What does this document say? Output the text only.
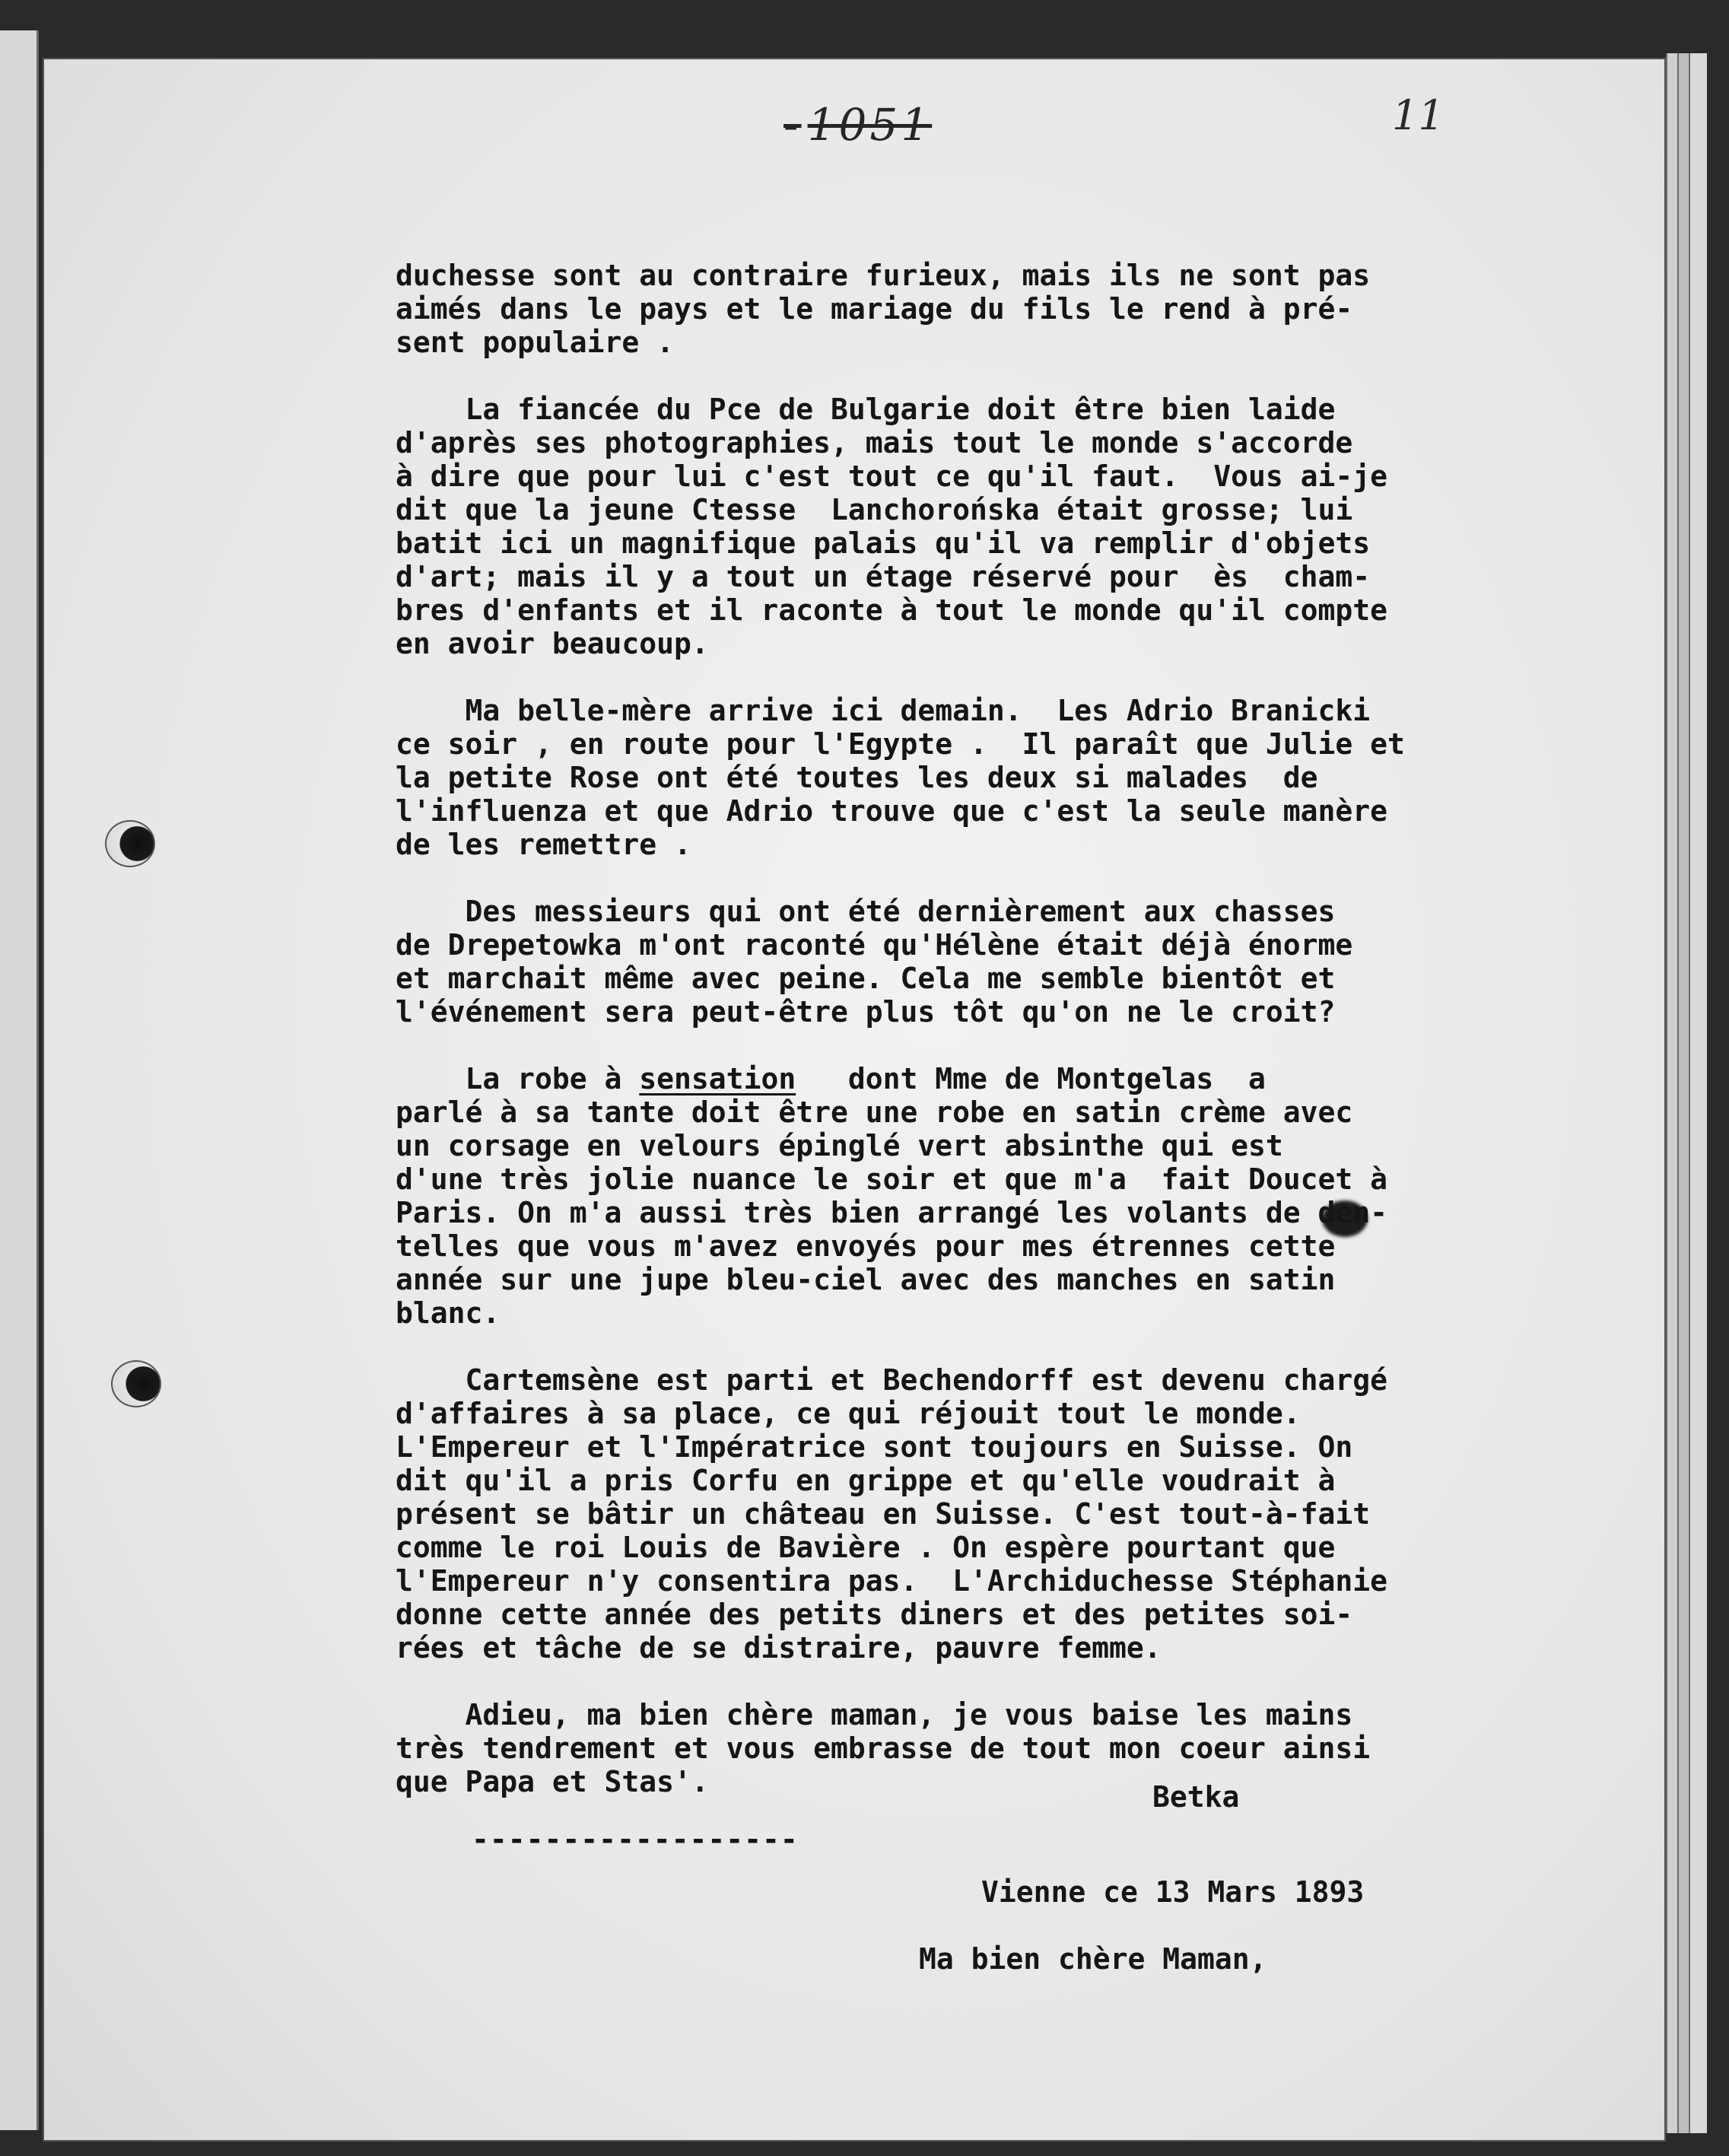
- 1051	11
duchesse sont au contraire furieux, mais ils ne sont pas
aimés dans le pays et le mariage du fils le rend à pré-
sent populaire .
La fiancée du Pce de Bulgarie doit être bien laide
d'après ses photographies, mais tout le monde s'accorde
à dire que pour lui c'est tout ce qu'il faut.  Vous ai-je
dit que la jeune Ctesse  Lanchorońska était grosse; lui
batit ici un magnifique palais qu'il va remplir d'objets
d'art; mais il y a tout un étage réservé pour  ès  cham-
bres d'enfants et il raconte à tout le monde qu'il compte
en avoir beaucoup.
Ma belle-mère arrive ici demain.  Les Adrio Branicki
ce soir , en route pour l'Egypte .  Il paraît que Julie et
la petite Rose ont été toutes les deux si malades  de
l'influenza et que Adrio trouve que c'est la seule manère
de les remettre .
Des messieurs qui ont été dernièrement aux chasses
de Drepetowka m'ont raconté qu'Hélène était déjà énorme
et marchait même avec peine. Cela me semble bientôt et
l'événement sera peut-être plus tôt qu'on ne le croit?
La robe à sensation   dont Mme de Montgelas  a
parlé à sa tante doit être une robe en satin crème avec
un corsage en velours épinglé vert absinthe qui est
d'une très jolie nuance le soir et que m'a  fait Doucet à
Paris. On m'a aussi très bien arrangé les volants de den-
telles que vous m'avez envoyés pour mes étrennes cette
année sur une jupe bleu-ciel avec des manches en satin
blanc.
Cartemsène est parti et Bechendorff est devenu chargé
d'affaires à sa place, ce qui réjouit tout le monde.
L'Empereur et l'Impératrice sont toujours en Suisse. On
dit qu'il a pris Corfu en grippe et qu'elle voudrait à
présent se bâtir un château en Suisse. C'est tout-à-fait
comme le roi Louis de Bavière . On espère pourtant que
l'Empereur n'y consentira pas.  L'Archiduchesse Stéphanie
donne cette année des petits diners et des petites soi-
rées et tâche de se distraire, pauvre femme.
Adieu, ma bien chère maman, je vous baise les mains
très tendrement et vous embrasse de tout mon coeur ainsi
que Papa et Stas'.	Betka
------------------
Vienne ce 13 Mars 1893
Ma bien chère Maman,
